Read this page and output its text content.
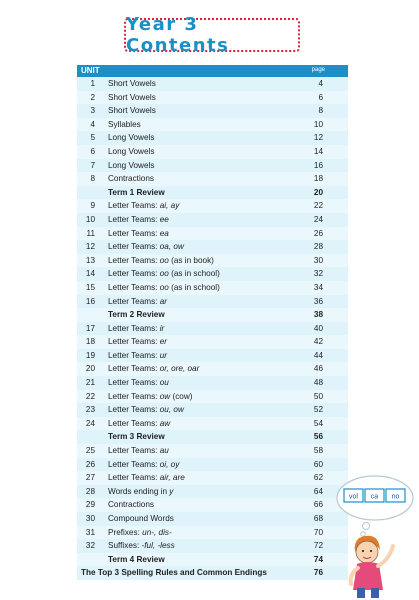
Year 3 Contents
UNIT	page
1 Short Vowels	4
2 Short Vowels	6
3 Short Vowels	8
4 Syllables	10
5 Long Vowels	12
6 Long Vowels	14
7 Long Vowels	16
8 Contractions	18
Term 1 Review	20
9 Letter Teams: ai, ay	22
10 Letter Teams: ee	24
11 Letter Teams: ea	26
12 Letter Teams: oa, ow	28
13 Letter Teams: oo (as in book)	30
14 Letter Teams: oo (as in school)	32
15 Letter Teams: oo (as in school)	34
16 Letter Teams: ar	36
Term 2 Review	38
17 Letter Teams: ir	40
18 Letter Teams: er	42
19 Letter Teams: ur	44
20 Letter Teams: or, ore, oar	46
21 Letter Teams: ou	48
22 Letter Teams: ow (cow)	50
23 Letter Teams: ou, ow	52
24 Letter Teams: aw	54
Term 3 Review	56
25 Letter Teams: au	58
26 Letter Teams: oi, oy	60
27 Letter Teams: air, are	62
28 Words ending in y	64
29 Contractions	66
30 Compound Words	68
31 Prefixes: un-, dis-	70
32 Suffixes: -ful, -less	72
Term 4 Review	74
The Top 3 Spelling Rules and Common Endings	76
vol ca no
